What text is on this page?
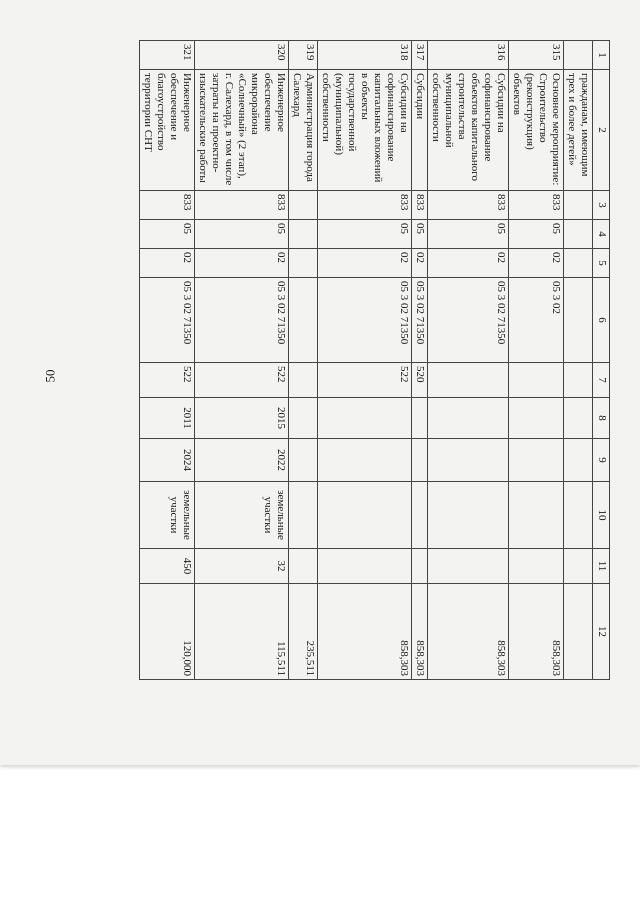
50
1	2	3	4	5	6	7	8	9	10	11	12
	гражданам, имеющим трех и более детей»										
315	Основное мероприятие: Строительство (реконструкция) объектов	833	05	02	05 3 02						858,303
316	Субсидии на софинансирование объектов капитального строительства муниципальной собственности	833	05	02	05 3 02 71350						858,303
317	Субсидии	833	05	02	05 3 02 71350	520					858,303
318	Субсидии на софинансирование капитальных вложений в объекты государственной (муниципальной) собственности	833	05	02	05 3 02 71350	522					858,303
319	Администрация города Салехард										235,511
320	Инженерное обеспечение микрорайона «Солнечный» (2 этап), г. Салехард, в том числе затраты на проектно-изыскательские работы	833	05	02	05 3 02 71350	522	2015	2022	земельные участки	32	115,511
321	Инженерное обеспечение и благоустройство территории СНТ	833	05	02	05 3 02 71350	522	2011	2024	земельные участки	450	120,000
